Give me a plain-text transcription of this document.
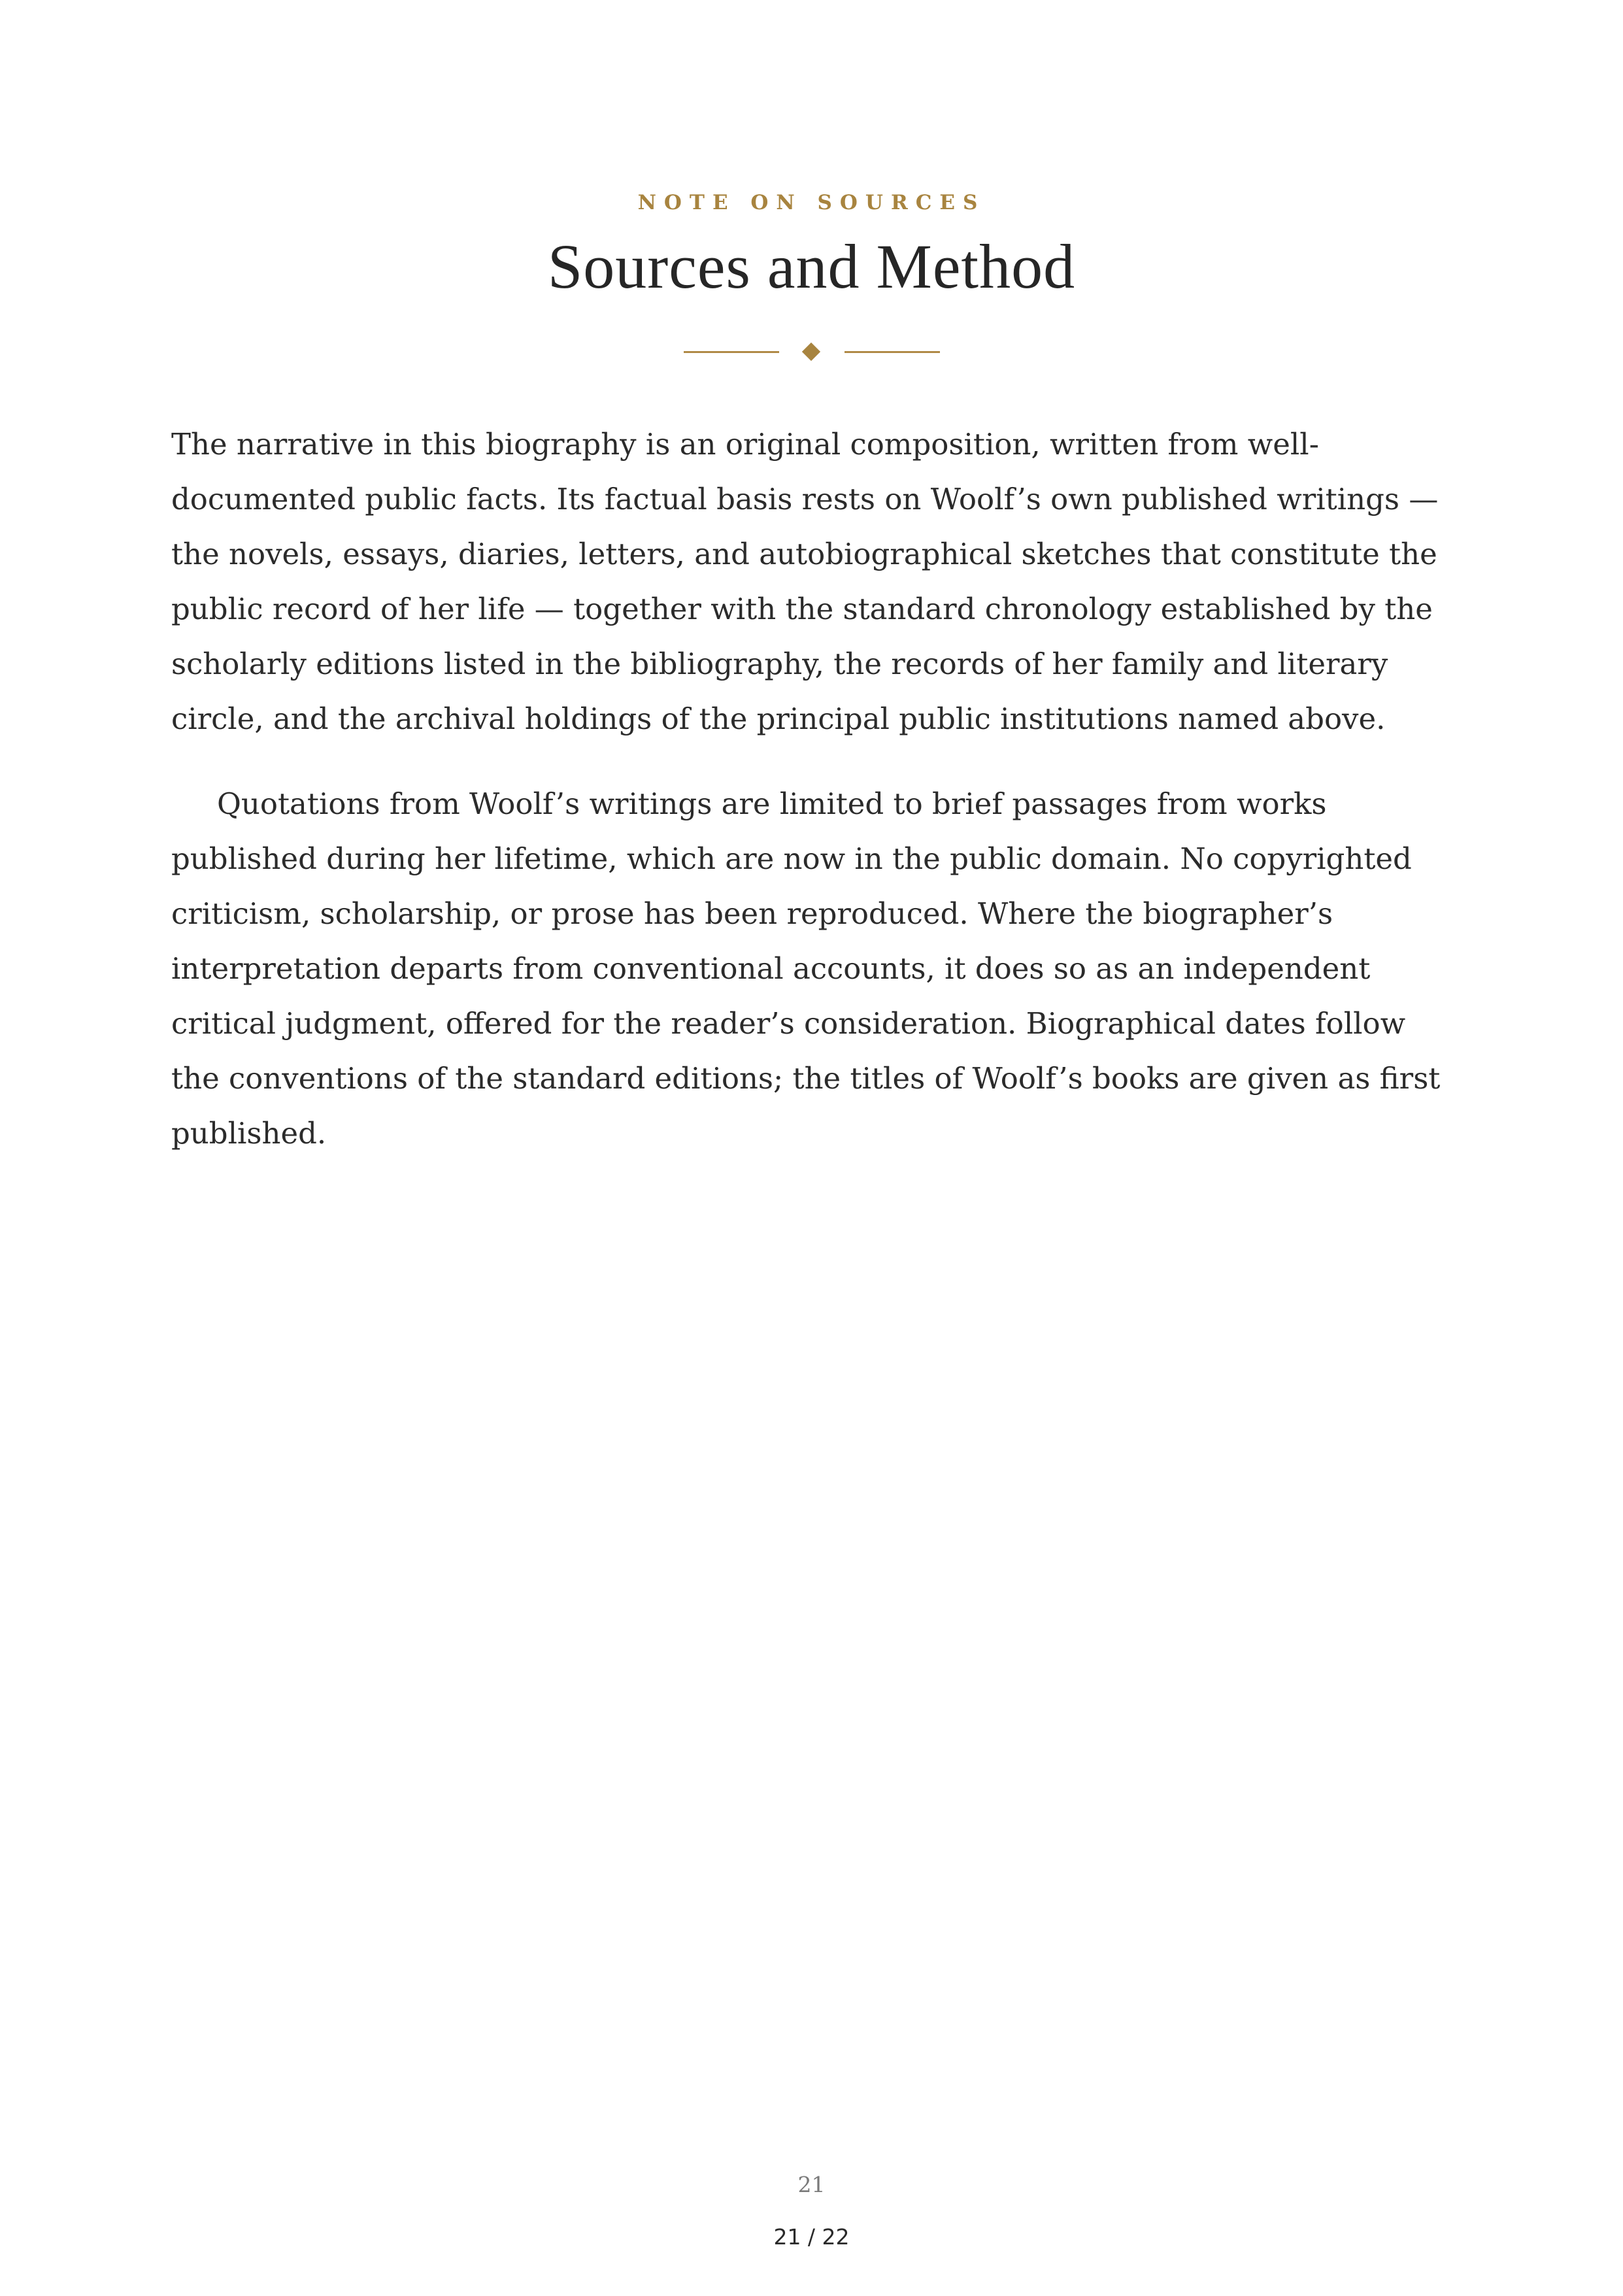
NOTE ON SOURCES
Sources and Method

The narrative in this biography is an original composition, written from well-documented public facts. Its factual basis rests on Woolf’s own published writings — the novels, essays, diaries, letters, and autobiographical sketches that constitute the public record of her life — together with the standard chronology established by the scholarly editions listed in the bibliography, the records of her family and literary circle, and the archival holdings of the principal public institutions named above.

Quotations from Woolf’s writings are limited to brief passages from works published during her lifetime, which are now in the public domain. No copyrighted criticism, scholarship, or prose has been reproduced. Where the biographer’s interpretation departs from conventional accounts, it does so as an independent critical judgment, offered for the reader’s consideration. Biographical dates follow the conventions of the standard editions; the titles of Woolf’s books are given as first published.

21
21 / 22
